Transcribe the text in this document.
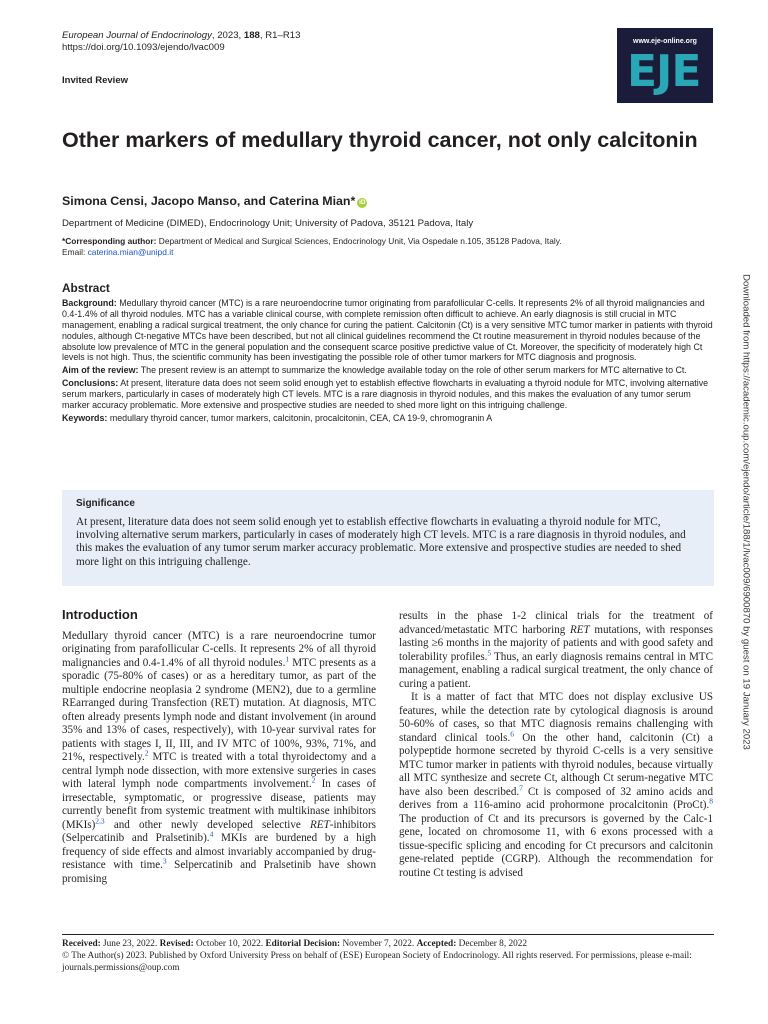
European Journal of Endocrinology, 2023, 188, R1–R13
https://doi.org/10.1093/ejendo/lvac009
Invited Review
www.eje-online.org
EJE
Other markers of medullary thyroid cancer, not only calcitonin
Simona Censi, Jacopo Manso, and Caterina Mian* iD
Department of Medicine (DIMED), Endocrinology Unit; University of Padova, 35121 Padova, Italy
*Corresponding author: Department of Medical and Surgical Sciences, Endocrinology Unit, Via Ospedale n.105, 35128 Padova, Italy.
Email: caterina.mian@unipd.it
Abstract

Background: Medullary thyroid cancer (MTC) is a rare neuroendocrine tumor originating from parafollicular C-cells. It represents 2% of all thyroid malignancies and 0.4-1.4% of all thyroid nodules. MTC has a variable clinical course, with complete remission often difficult to achieve. An early diagnosis is still crucial in MTC management, enabling a radical surgical treatment, the only chance for curing the patient. Calcitonin (Ct) is a very sensitive MTC tumor marker in patients with thyroid nodules, although Ct-negative MTCs have been described, but not all clinical guidelines recommend the Ct routine measurement in thyroid nodules because of the absolute low prevalence of MTC in the general population and the consequent scarce positive predictive value of Ct. Moreover, the specificity of moderately high Ct levels is not high. Thus, the scientific community has been investigating the possible role of other tumor markers for MTC diagnosis and prognosis.

Aim of the review: The present review is an attempt to summarize the knowledge available today on the role of other serum markers for MTC alternative to Ct.

Conclusions: At present, literature data does not seem solid enough yet to establish effective flowcharts in evaluating a thyroid nodule for MTC, involving alternative serum markers, particularly in cases of moderately high CT levels. MTC is a rare diagnosis in thyroid nodules, and this makes the evaluation of any tumor serum marker accuracy problematic. More extensive and prospective studies are needed to shed more light on this intriguing challenge.

Keywords: medullary thyroid cancer, tumor markers, calcitonin, procalcitonin, CEA, CA 19-9, chromogranin A

Significance

At present, literature data does not seem solid enough yet to establish effective flowcharts in evaluating a thyroid nodule for MTC, involving alternative serum markers, particularly in cases of moderately high CT levels. MTC is a rare diagnosis in thyroid nodules, and this makes the evaluation of any tumor serum marker accuracy problematic. More extensive and prospective studies are needed to shed more light on this intriguing challenge.

Introduction

Medullary thyroid cancer (MTC) is a rare neuroendocrine tumor originating from parafollicular C-cells. It represents 2% of all thyroid malignancies and 0.4-1.4% of all thyroid nodules.$^1$ MTC presents as a sporadic (75-80% of cases) or as a hereditary tumor, as part of the multiple endocrine neoplasia 2 syndrome (MEN2), due to a germline REarranged during Transfection (RET) mutation. At diagnosis, MTC often already presents lymph node and distant involvement (in around 35% and 13% of cases, respectively), with 10-year survival rates for patients with stages I, II, III, and IV MTC of 100%, 93%, 71%, and 21%, respectively.$^2$ MTC is treated with a total thyroidectomy and a central lymph node dissection, with more extensive surgeries in cases with lateral lymph node compartments involvement.$^2$ In cases of irresectable, symptomatic, or progressive disease, patients may currently benefit from systemic treatment with multikinase inhibitors (MKIs)$^{2,3}$ and other newly developed selective RET-inhibitors (Selpercatinib and Pralsetinib).$^4$ MKIs are burdened by a high frequency of side effects and almost invariably accompanied by drug-resistance with time.$^3$ Selpercatinib and Pralsetinib have shown promising

results in the phase 1-2 clinical trials for the treatment of advanced/metastatic MTC harboring RET mutations, with responses lasting ≥6 months in the majority of patients and with good safety and tolerability profiles.$^5$ Thus, an early diagnosis remains central in MTC management, enabling a radical surgical treatment, the only chance of curing a patient.

It is a matter of fact that MTC does not display exclusive US features, while the detection rate by cytological diagnosis is around 50-60% of cases, so that MTC diagnosis remains challenging with standard clinical tools.$^6$ On the other hand, calcitonin (Ct) a polypeptide hormone secreted by thyroid C-cells is a very sensitive MTC tumor marker in patients with thyroid nodules, because virtually all MTC synthesize and secrete Ct, although Ct serum-negative MTC have also been described.$^7$ Ct is composed of 32 amino acids and derives from a 116-amino acid prohormone procalcitonin (ProCt).$^8$ The production of Ct and its precursors is governed by the Calc-1 gene, located on chromosome 11, with 6 exons processed with a tissue-specific splicing and encoding for Ct precursors and calcitonin gene-related peptide (CGRP). Although the recommendation for routine Ct testing is advised

Received: June 23, 2022. Revised: October 10, 2022. Editorial Decision: November 7, 2022. Accepted: December 8, 2022
© The Author(s) 2023. Published by Oxford University Press on behalf of (ESE) European Society of Endocrinology. All rights reserved. For permissions, please e-mail: journals.permissions@oup.com
Downloaded from https://academic.oup.com/ejendo/article/188/1/lvac009/6900870 by guest on 19 January 2023
